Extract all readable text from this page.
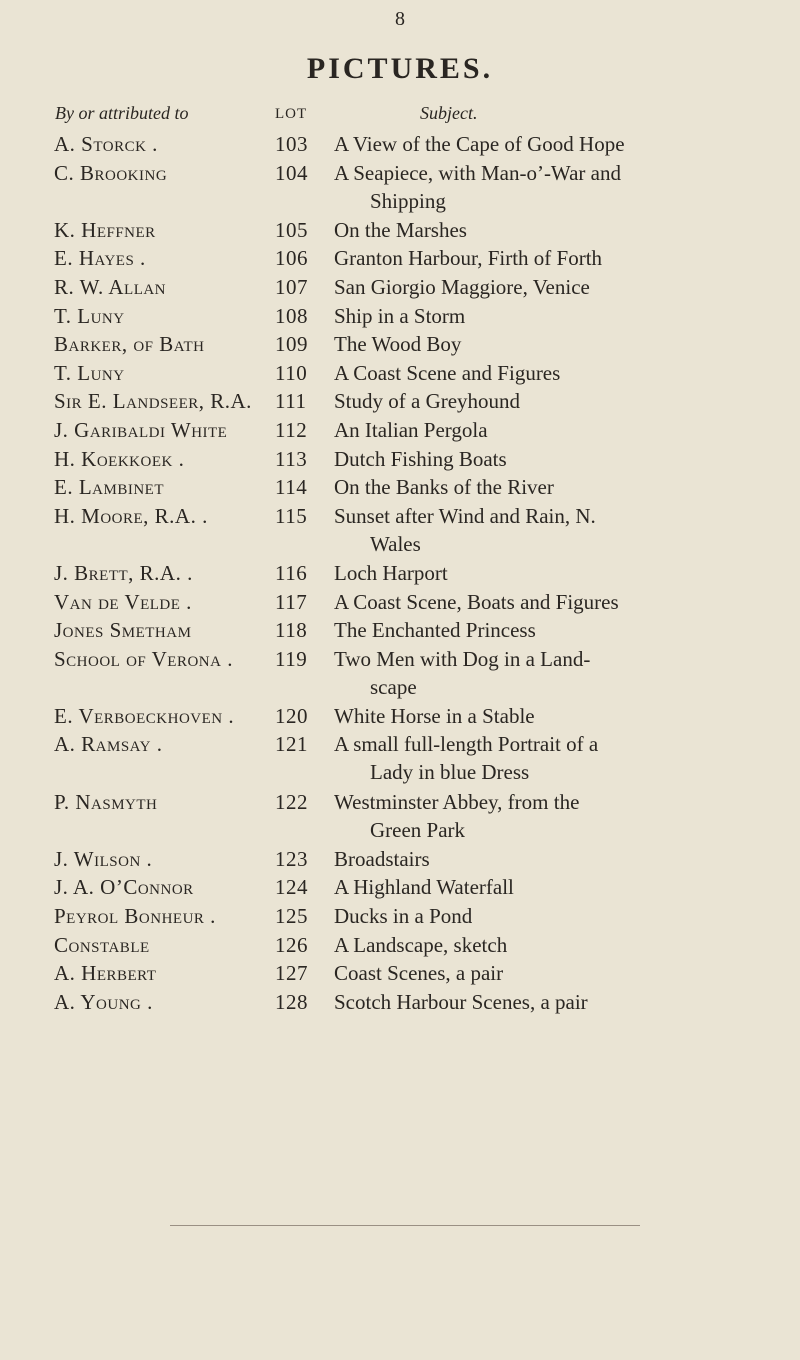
8
PICTURES.
By or attributed to	LOT	Subject.
A. Storck .	103 A View of the Cape of Good Hope
C. Brooking	104 A Seapiece, with Man-o’-War and
Shipping
K. Heffner	105 On the Marshes
E. Hayes .	106 Granton Harbour, Firth of Forth
R. W. Allan	107 San Giorgio Maggiore, Venice
T. Luny	108 Ship in a Storm
Barker, of Bath	109 The Wood Boy
T. Luny	110 A Coast Scene and Figures
Sir E. Landseer, R.A. 111 Study of a Greyhound
J. Garibaldi White 112 An Italian Pergola
H. Koekkoek .	113 Dutch Fishing Boats
E. Lambinet	114 On the Banks of the River
H. Moore, R.A. .	115 Sunset after Wind and Rain, N.
Wales
J. Brett, R.A. .	116 Loch Harport
Van de Velde .	117 A Coast Scene, Boats and Figures
Jones Smetham	118 The Enchanted Princess
School of Verona . 119 Two Men with Dog in a Land-
scape
E. Verboeckhoven . 120 White Horse in a Stable
A. Ramsay .	121 A small full-length Portrait of a
Lady in blue Dress
P. Nasmyth	122 Westminster Abbey, from the
Green Park
J. Wilson .	123 Broadstairs
J. A. O’Connor	124 A Highland Waterfall
Peyrol Bonheur .	125 Ducks in a Pond
Constable	126 A Landscape, sketch
A. Herbert	127 Coast Scenes, a pair
A. Young .	128 Scotch Harbour Scenes, a pair
